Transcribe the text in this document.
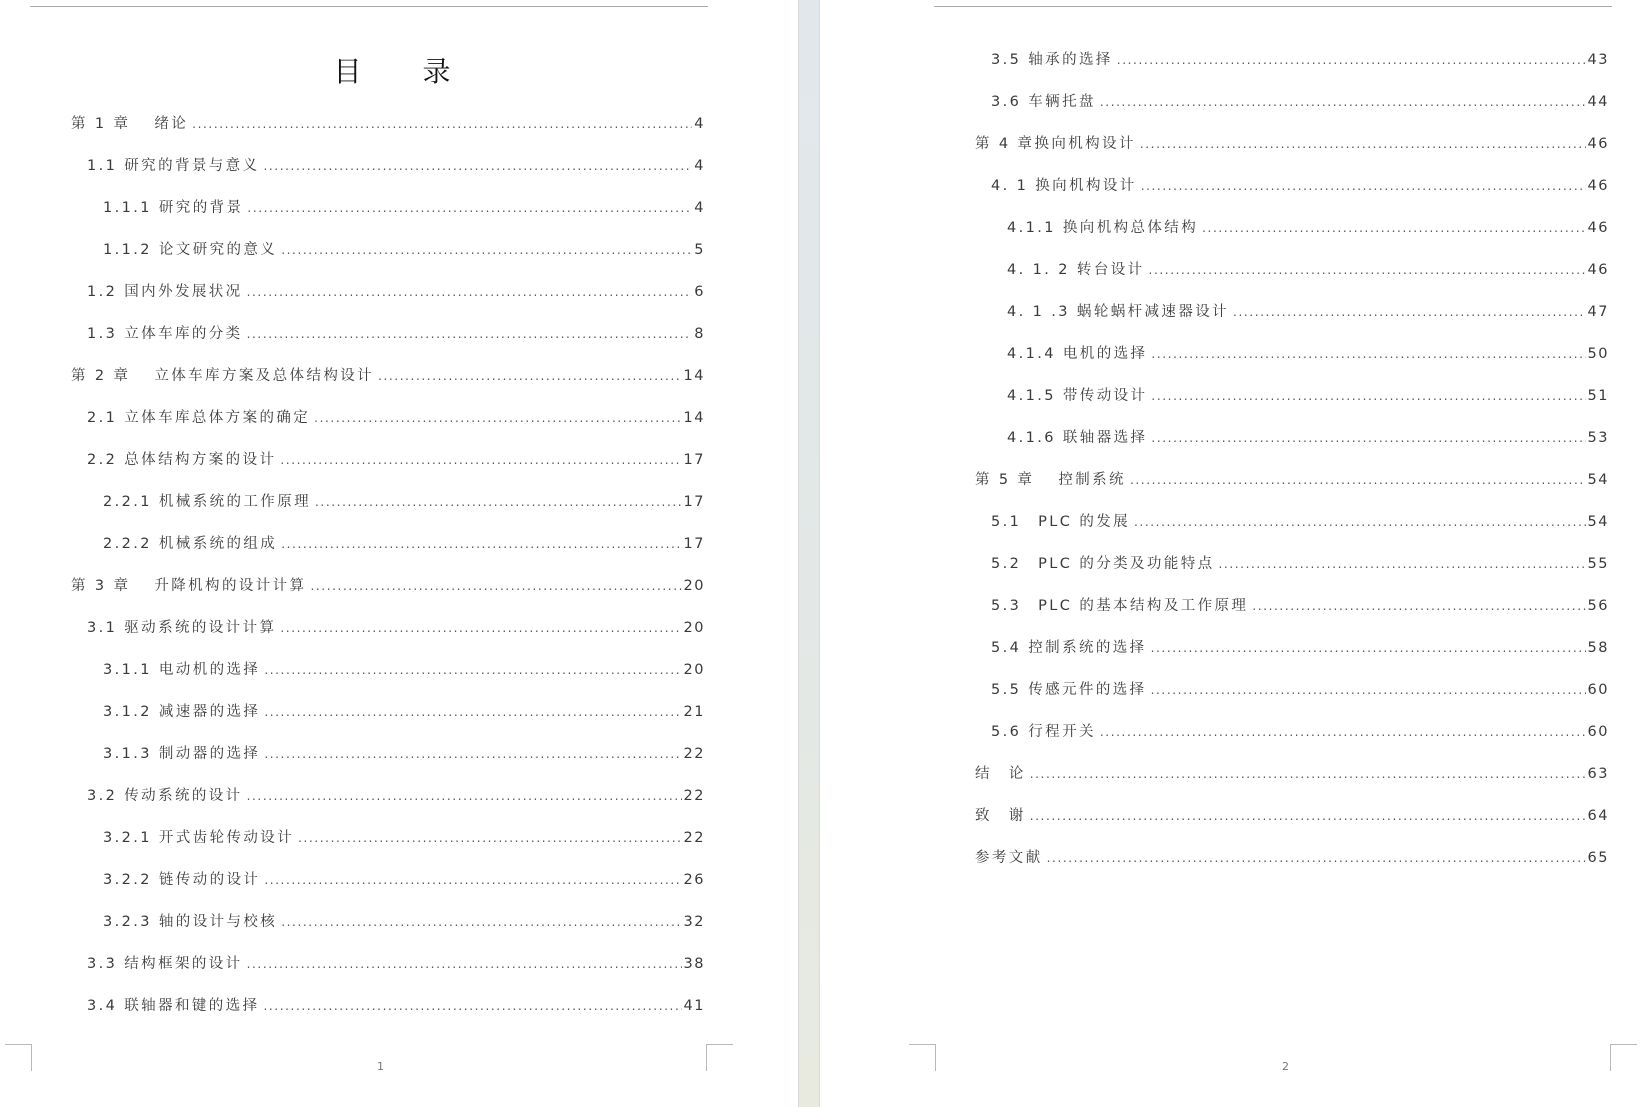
目 录
第 1 章　 绪论 .....	4
1.1 研究的背景与意义 .....	4
1.1.1 研究的背景 .....	4
1.1.2 论文研究的意义 .....	5
1.2 国内外发展状况 .....	6
1.3 立体车库的分类 .....	8
第 2 章　 立体车库方案及总体结构设计 .....	14
2.1 立体车库总体方案的确定 .....	14
2.2 总体结构方案的设计 .....	17
2.2.1 机械系统的工作原理 .....	17
2.2.2 机械系统的组成 .....	17
第 3 章　 升降机构的设计计算 .....	20
3.1 驱动系统的设计计算 .....	20
3.1.1 电动机的选择 .....	20
3.1.2 减速器的选择 .....	21
3.1.3 制动器的选择 .....	22
3.2 传动系统的设计 .....	22
3.2.1 开式齿轮传动设计 .....	22
3.2.2 链传动的设计 .....	26
3.2.3 轴的设计与校核 .....	32
3.3 结构框架的设计 .....	38
3.4 联轴器和键的选择 .....	41
1
3.5 轴承的选择 .....	43
3.6 车辆托盘 .....	44
第 4 章换向机构设计 .....	46
4. 1 换向机构设计 .....	46
4.1.1 换向机构总体结构 .....	46
4. 1. 2 转台设计 .....	46
4. 1 .3 蜗轮蜗杆减速器设计 .....	47
4.1.4 电机的选择 .....	50
4.1.5 带传动设计 .....	51
4.1.6 联轴器选择 .....	53
第 5 章　 控制系统 .....	54
5.1　PLC 的发展 .....	54
5.2　PLC 的分类及功能特点 .....	55
5.3　PLC 的基本结构及工作原理 .....	56
5.4 控制系统的选择 .....	58
5.5 传感元件的选择 .....	60
5.6 行程开关 .....	60
结　论 .....	63
致　谢 .....	64
参考文献 .....	65
2
